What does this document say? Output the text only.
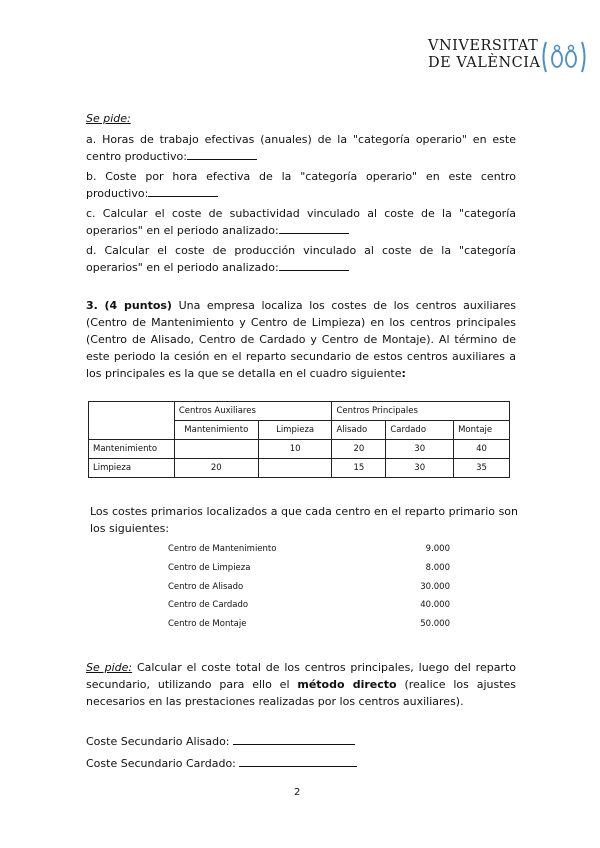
VNIVERSITAT
DE VALÈNCIA
Se pide:
a. Horas de trabajo efectivas (anuales) de la "categoría operario" en este centro productivo:
b. Coste por hora efectiva de la "categoría operario" en este centro productivo:
c. Calcular el coste de subactividad vinculado al coste de la "categoría operarios" en el periodo analizado:
d. Calcular el coste de producción vinculado al coste de la "categoría operarios" en el periodo analizado:
3. (4 puntos) Una empresa localiza los costes de los centros auxiliares (Centro de Mantenimiento y Centro de Limpieza) en los centros principales (Centro de Alisado, Centro de Cardado y Centro de Montaje). Al término de este periodo la cesión en el reparto secundario de estos centros auxiliares a los principales es la que se detalla en el cuadro siguiente:
	Centros Auxiliares		Centros Principales		
	Mantenimiento	Limpieza	Alisado	Cardado	Montaje
Mantenimiento		10	20	30	40
Limpieza	20		15	30	35
Los costes primarios localizados a que cada centro en el reparto primario son los siguientes:
Centro de Mantenimiento	9.000
Centro de Limpieza	8.000
Centro de Alisado	30.000
Centro de Cardado	40.000
Centro de Montaje	50.000
Se pide: Calcular el coste total de los centros principales, luego del reparto secundario, utilizando para ello el método directo (realice los ajustes necesarios en las prestaciones realizadas por los centros auxiliares).
Coste Secundario Alisado:
Coste Secundario Cardado:
2
